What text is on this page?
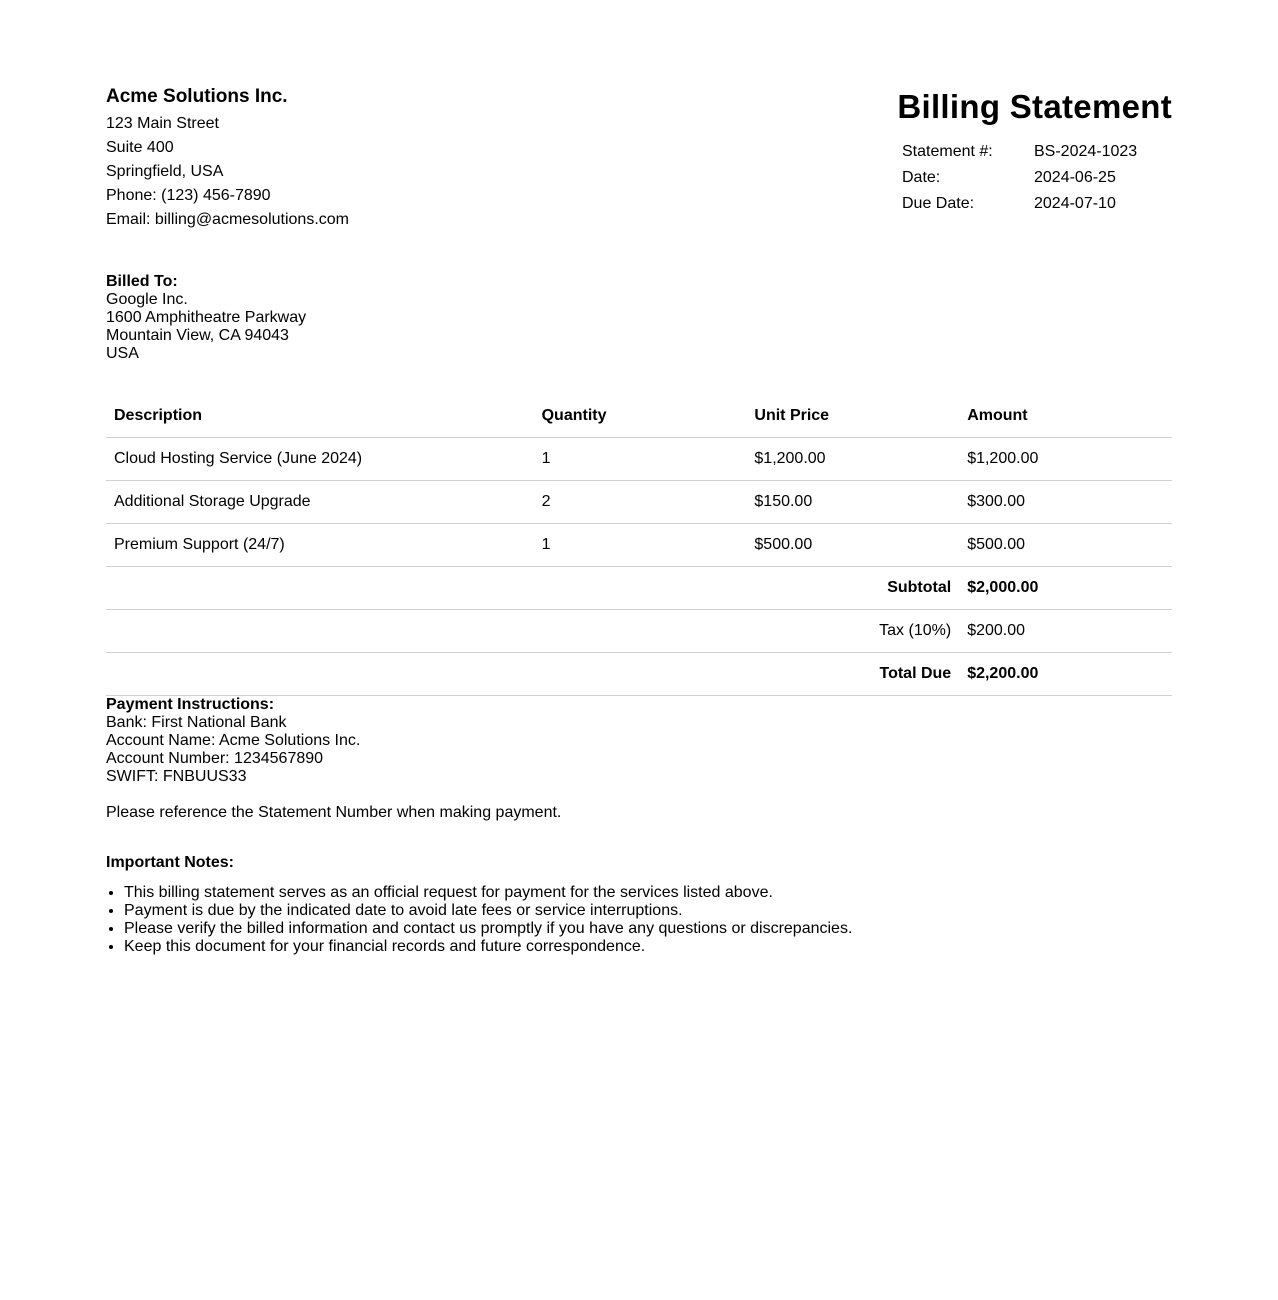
Acme Solutions Inc.
123 Main Street
Suite 400
Springfield, USA
Phone: (123) 456-7890
Email: billing@acmesolutions.com
Billing Statement
Statement #:	BS-2024-1023
Date:	2024-06-25
Due Date:	2024-07-10
Billed To:
Google Inc.
1600 Amphitheatre Parkway
Mountain View, CA 94043
USA
Description	Quantity	Unit Price	Amount
Cloud Hosting Service (June 2024)	1	$1,200.00	$1,200.00
Additional Storage Upgrade	2	$150.00	$300.00
Premium Support (24/7)	1	$500.00	$500.00
Subtotal			$2,000.00
Tax (10%)			$200.00
Total Due			$2,200.00
Payment Instructions:
Bank: First National Bank
Account Name: Acme Solutions Inc.
Account Number: 1234567890
SWIFT: FNBUUS33
Please reference the Statement Number when making payment.
Important Notes:
• This billing statement serves as an official request for payment for the services listed above.
• Payment is due by the indicated date to avoid late fees or service interruptions.
• Please verify the billed information and contact us promptly if you have any questions or discrepancies.
• Keep this document for your financial records and future correspondence.
